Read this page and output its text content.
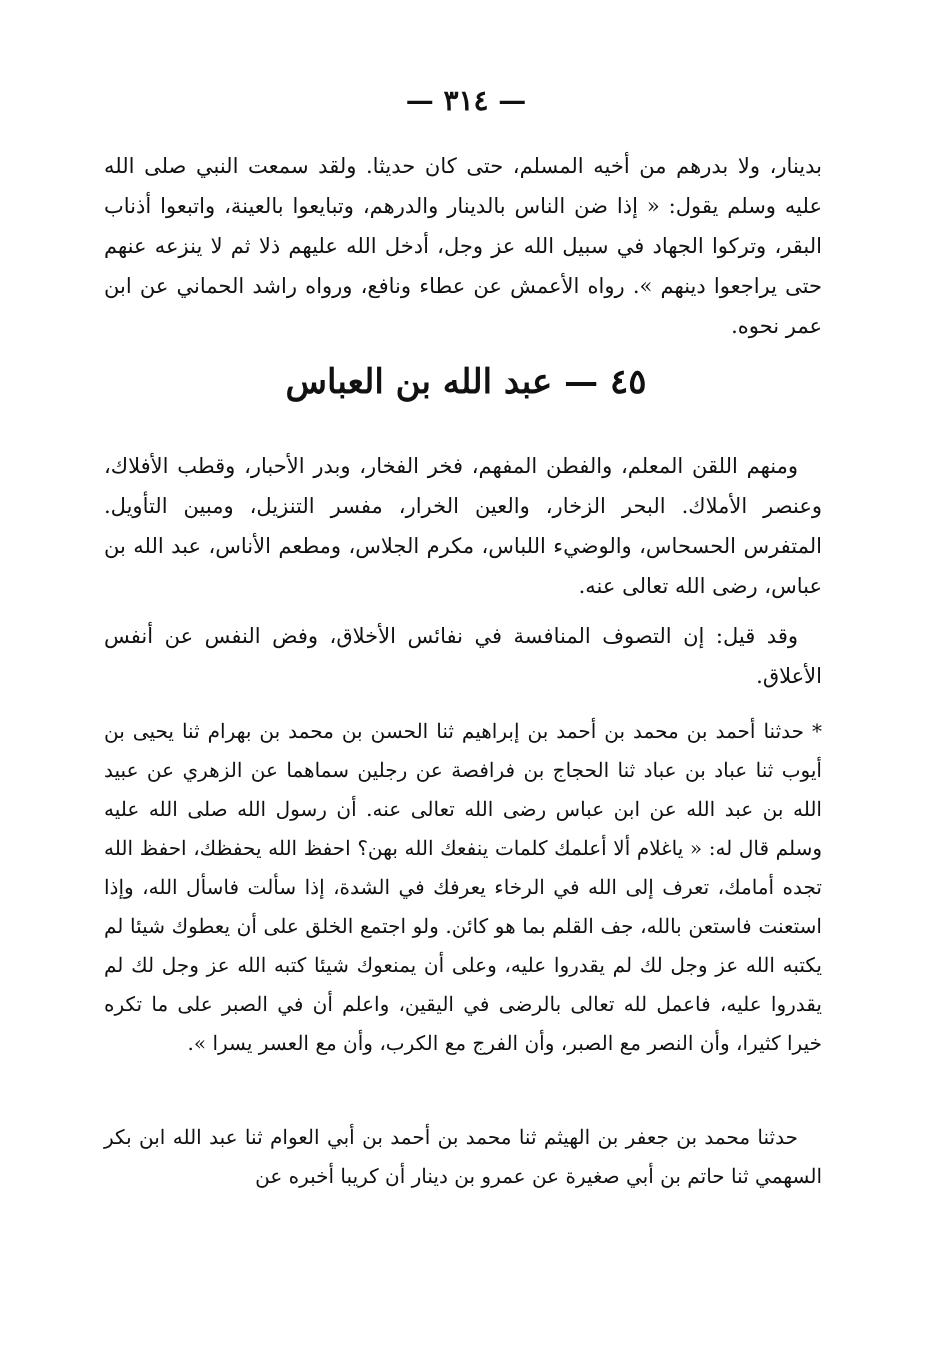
— ٣١٤ —

بدينار، ولا بدرهم من أخيه المسلم، حتى كان حديثا. ولقد سمعت النبي صلى الله عليه وسلم يقول: « إذا ضن الناس بالدينار والدرهم، وتبايعوا بالعينة، واتبعوا أذناب البقر، وتركوا الجهاد في سبيل الله عز وجل، أدخل الله عليهم ذلا ثم لا ينزعه عنهم حتى يراجعوا دينهم ». رواه الأعمش عن عطاء ونافع، ورواه راشد الحماني عن ابن عمر نحوه.

٤٥ — عبد الله بن العباس

ومنهم اللقن المعلم، والفطن المفهم، فخر الفخار، وبدر الأحبار، وقطب الأفلاك، وعنصر الأملاك. البحر الزخار، والعين الخرار، مفسر التنزيل، ومبين التأويل. المتفرس الحسحاس، والوضيء اللباس، مكرم الجلاس، ومطعم الأناس، عبد الله بن عباس، رضى الله تعالى عنه.

وقد قيل: إن التصوف المنافسة في نفائس الأخلاق، وفض النفس عن أنفس الأعلاق.

* حدثنا أحمد بن محمد بن أحمد بن إبراهيم ثنا الحسن بن محمد بن بهرام ثنا يحيى بن أيوب ثنا عباد بن عباد ثنا الحجاج بن فرافصة عن رجلين سماهما عن الزهري عن عبيد الله بن عبد الله عن ابن عباس رضى الله تعالى عنه. أن رسول الله صلى الله عليه وسلم قال له: « ياغلام ألا أعلمك كلمات ينفعك الله بهن؟ احفظ الله يحفظك، احفظ الله تجده أمامك، تعرف إلى الله في الرخاء يعرفك في الشدة، إذا سألت فاسأل الله، وإذا استعنت فاستعن بالله، جف القلم بما هو كائن. ولو اجتمع الخلق على أن يعطوك شيئا لم يكتبه الله عز وجل لك لم يقدروا عليه، وعلى أن يمنعوك شيئا كتبه الله عز وجل لك لم يقدروا عليه، فاعمل لله تعالى بالرضى في اليقين، واعلم أن في الصبر على ما تكره خيرا كثيرا، وأن النصر مع الصبر، وأن الفرج مع الكرب، وأن مع العسر يسرا ».

حدثنا محمد بن جعفر بن الهيثم ثنا محمد بن أحمد بن أبي العوام ثنا عبد الله ابن بكر السهمي ثنا حاتم بن أبي صغيرة عن عمرو بن دينار أن كريبا أخبره عن
